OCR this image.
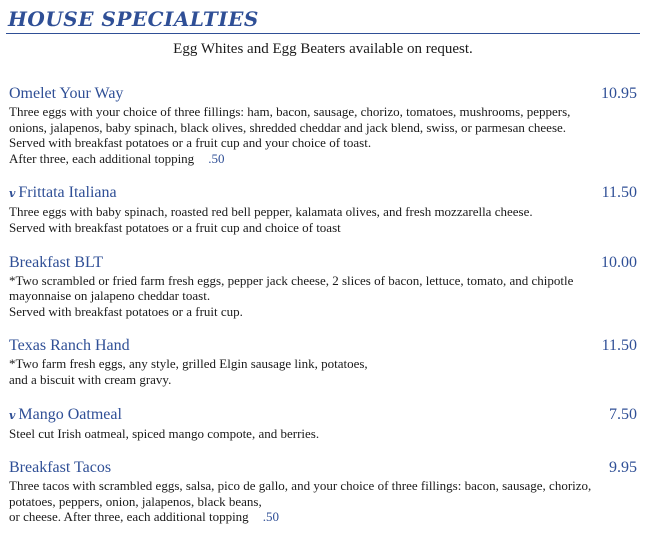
HOUSE SPECIALTIES
Egg Whites and Egg Beaters available on request.
Omelet Your Way	10.95
Three eggs with your choice of three fillings: ham, bacon, sausage, chorizo, tomatoes, mushrooms, peppers,
onions, jalapenos, baby spinach, black olives, shredded cheddar and jack blend, swiss, or parmesan cheese.
Served with breakfast potatoes or a fruit cup and your choice of toast.
After three, each additional topping .50
v Frittata Italiana	11.50
Three eggs with baby spinach, roasted red bell pepper, kalamata olives, and fresh mozzarella cheese.
Served with breakfast potatoes or a fruit cup and choice of toast
Breakfast BLT	10.00
*Two scrambled or fried farm fresh eggs, pepper jack cheese, 2 slices of bacon, lettuce, tomato, and chipotle
mayonnaise on jalapeno cheddar toast.
Served with breakfast potatoes or a fruit cup.
Texas Ranch Hand	11.50
*Two farm fresh eggs, any style, grilled Elgin sausage link, potatoes,
and a biscuit with cream gravy.
v Mango Oatmeal	7.50
Steel cut Irish oatmeal, spiced mango compote, and berries.
Breakfast Tacos	9.95
Three tacos with scrambled eggs, salsa, pico de gallo, and your choice of three fillings: bacon, sausage, chorizo,
potatoes, peppers, onion, jalapenos, black beans,
or cheese. After three, each additional topping .50
